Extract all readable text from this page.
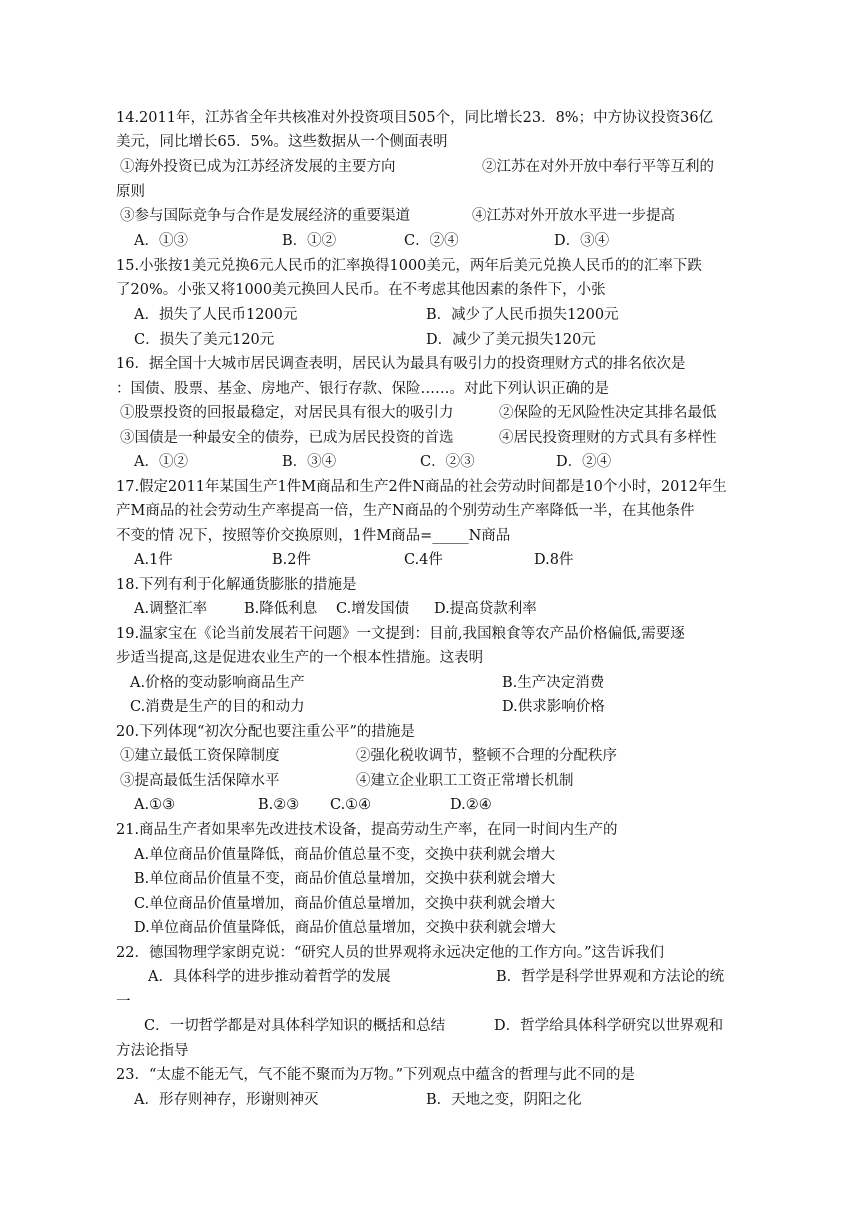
14.2011年，江苏省全年共核准对外投资项目505个，同比增长23．8%；中方协议投资36亿
美元，同比增长65．5%。这些数据从一个侧面表明
①海外投资已成为江苏经济发展的主要方向	②江苏在对外开放中奉行平等互利的
原则
③参与国际竞争与合作是发展经济的重要渠道	④江苏对外开放水平进一步提高
A．①③	B．①②	C．②④	D．③④
15.小张按1美元兑换6元人民币的汇率换得1000美元，两年后美元兑换人民币的的汇率下跌
了20%。小张又将1000美元换回人民币。在不考虑其他因素的条件下，小张
A．损失了人民币1200元	B．减少了人民币损失1200元
C．损失了美元120元	D．减少了美元损失120元
16．据全国十大城市居民调查表明，居民认为最具有吸引力的投资理财方式的排名依次是
：国债、股票、基金、房地产、银行存款、保险……。对此下列认识正确的是
①股票投资的回报最稳定，对居民具有很大的吸引力	②保险的无风险性决定其排名最低
③国债是一种最安全的债券，已成为居民投资的首选	④居民投资理财的方式具有多样性
A．①②	B．③④	C．②③	D．②④
17.假定2011年某国生产1件M商品和生产2件N商品的社会劳动时间都是10个小时，2012年生
产M商品的社会劳动生产率提高一倍，生产N商品的个别劳动生产率降低一半，在其他条件
不变的情 况下，按照等价交换原则，1件M商品=_____N商品
A.1件	B.2件	C.4件	D.8件
18.下列有利于化解通货膨胀的措施是
A.调整汇率	B.降低利息 C.增发国债 D.提高贷款利率
19.温家宝在《论当前发展若干问题》一文提到：目前,我国粮食等农产品价格偏低,需要逐
步适当提高,这是促进农业生产的一个根本性措施。这表明
A.价格的变动影响商品生产	B.生产决定消费
C.消费是生产的目的和动力	D.供求影响价格
20.下列体现“初次分配也要注重公平”的措施是
①建立最低工资保障制度	②强化税收调节，整顿不合理的分配秩序
③提高最低生活保障水平	④建立企业职工工资正常增长机制
A.①③	B.②③ C.①④	D.②④
21.商品生产者如果率先改进技术设备，提高劳动生产率，在同一时间内生产的
A.单位商品价值量降低，商品价值总量不变，交换中获利就会增大
B.单位商品价值量不变，商品价值总量增加，交换中获利就会增大
C.单位商品价值量增加，商品价值总量增加，交换中获利就会增大
D.单位商品价值量降低，商品价值总量增加，交换中获利就会增大
22．德国物理学家朗克说：“研究人员的世界观将永远决定他的工作方向。”这告诉我们
A．具体科学的进步推动着哲学的发展	B．哲学是科学世界观和方法论的统
一
C．一切哲学都是对具体科学知识的概括和总结	D．哲学给具体科学研究以世界观和
方法论指导
23．“太虚不能无气，气不能不聚而为万物。”下列观点中蕴含的哲理与此不同的是
A．形存则神存，形谢则神灭	B．天地之变，阴阳之化
